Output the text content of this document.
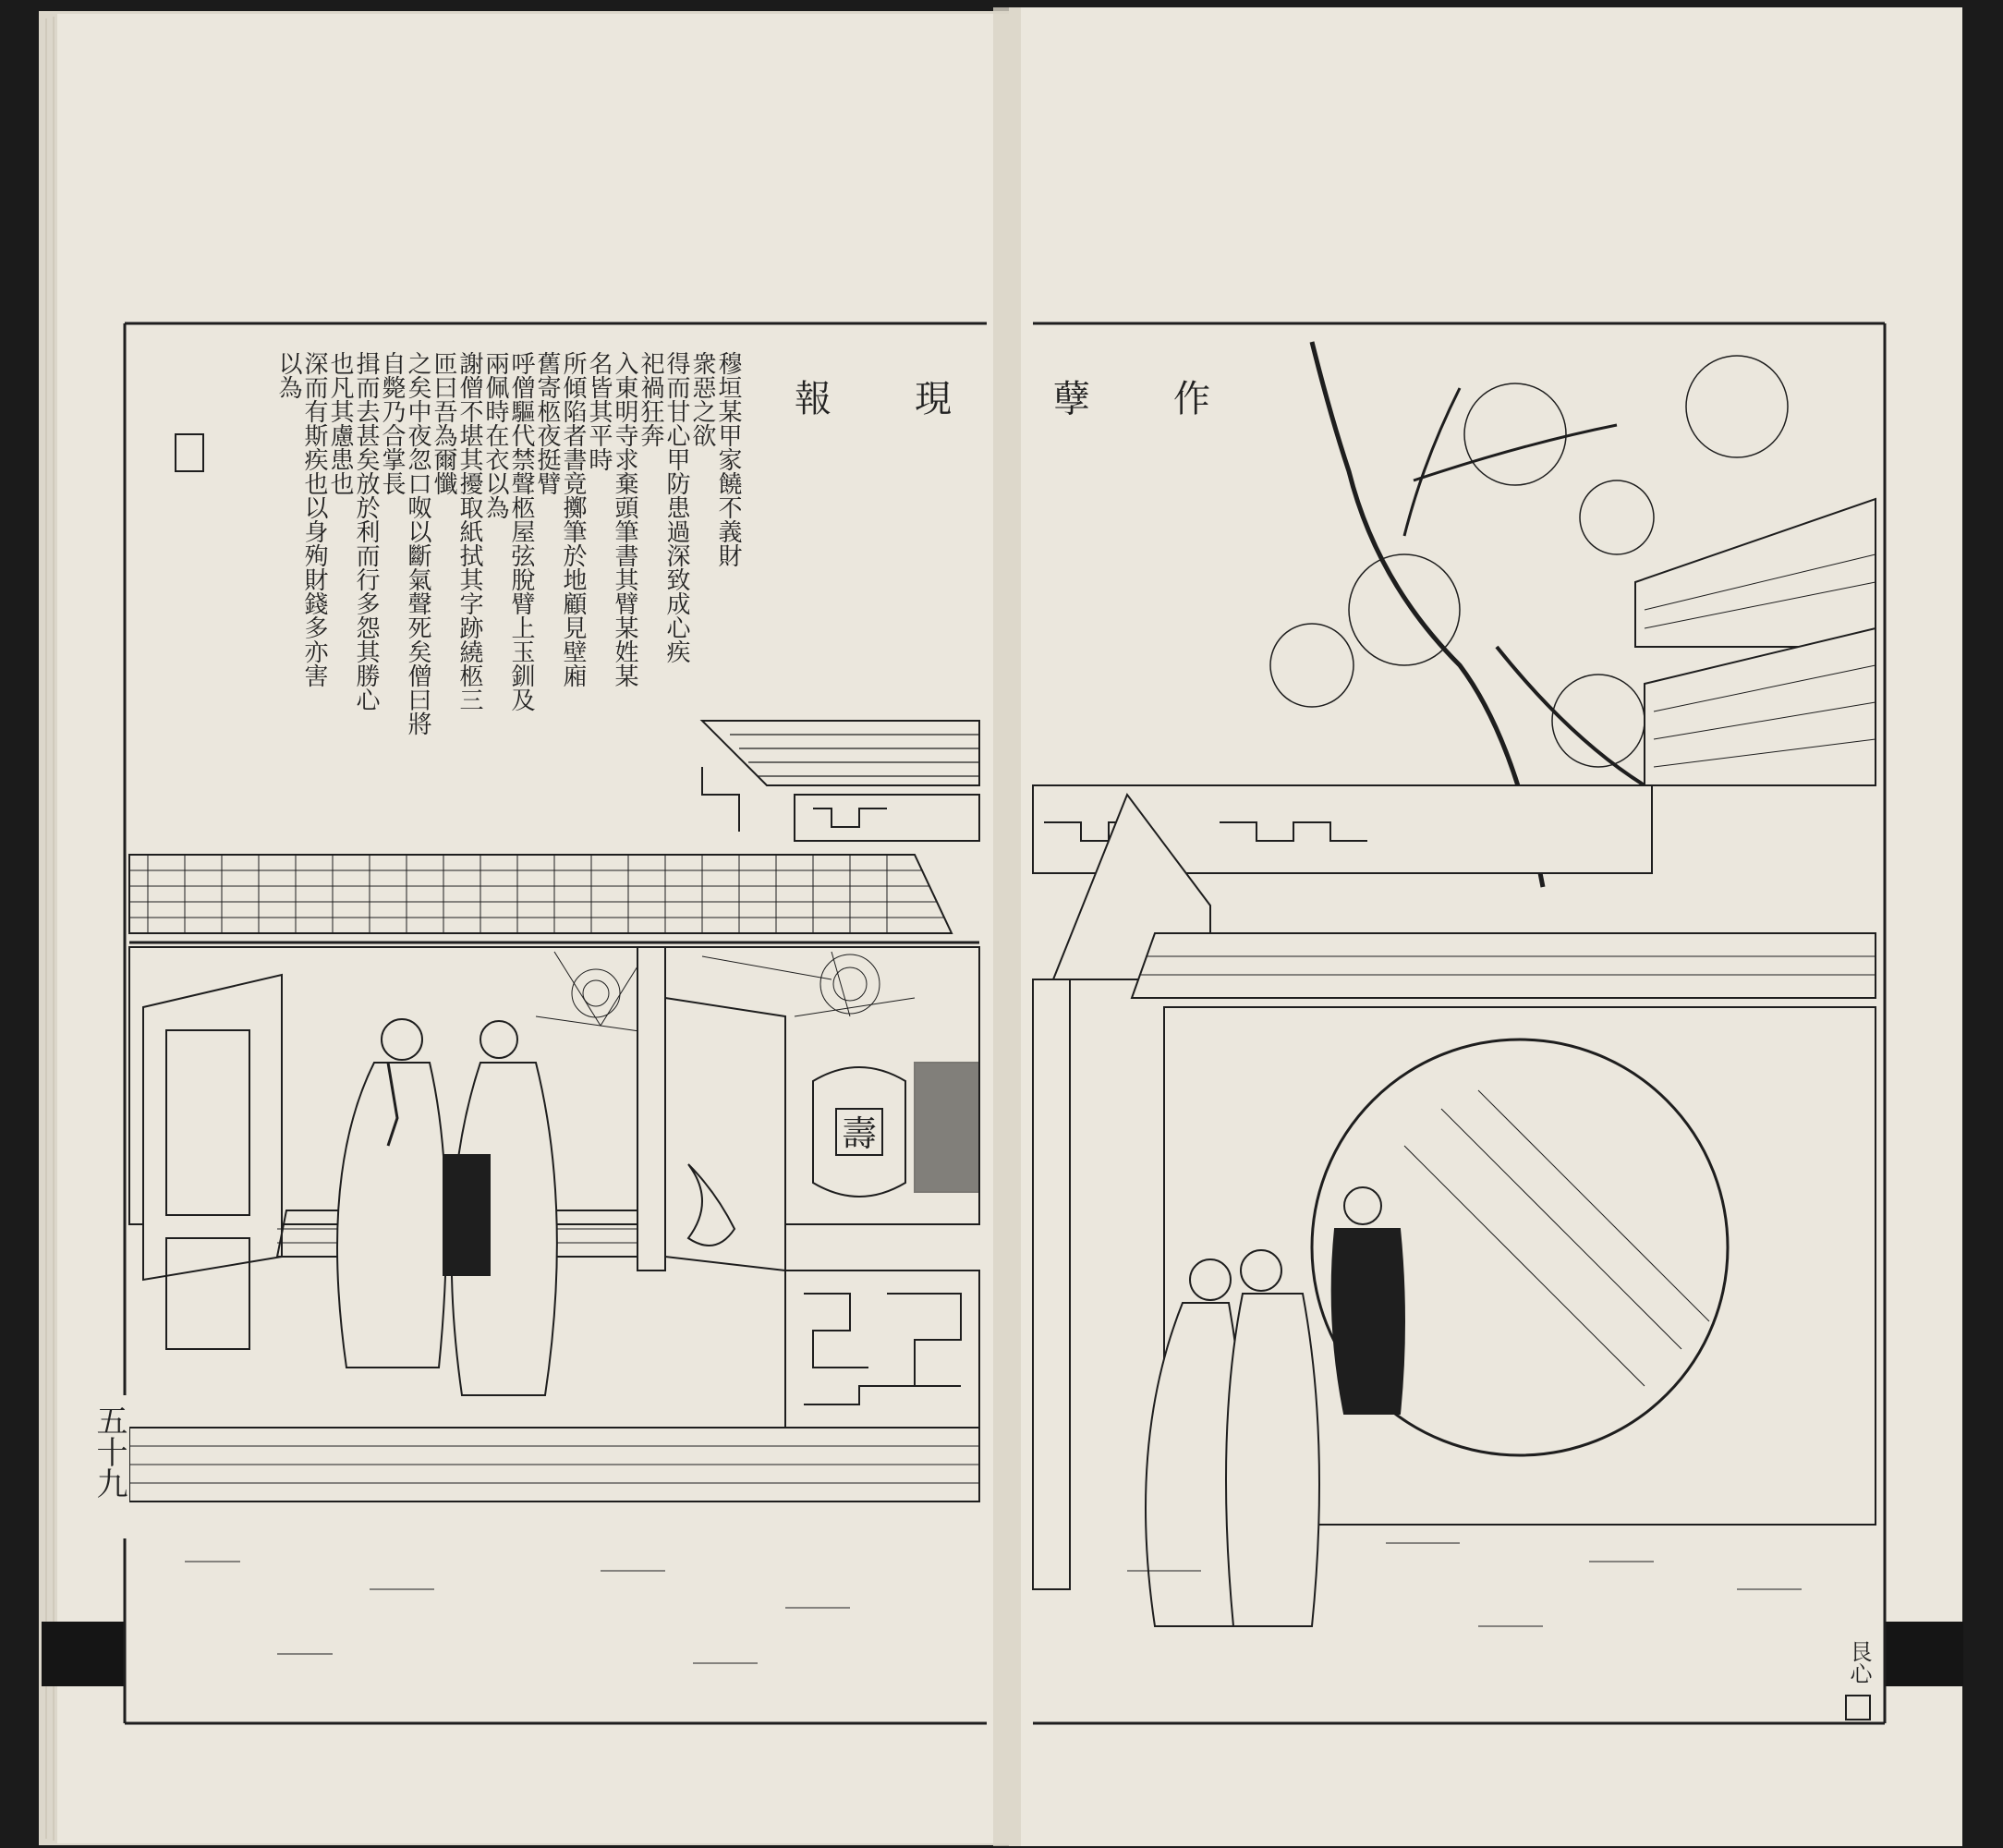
現
報
穆垣某甲家饒不義財
衆惡之欲
得而甘心甲防患過深致成心疾
祀禍狂奔
入東明寺求棄頭筆書其臂某姓某
名皆其平時
所傾陷者書竟擲筆於地顧見壁廂
舊寄柩夜挺臂
呼僧驅代禁聲柩屋弦脫臂上玉釧及
兩佩時在衣以為
謝僧不堪其擾取紙拭其字跡繞柩三
匝曰吾為爾懺
之矣中夜忽口呶以斷氣聲死矣僧曰將
自斃乃合掌長
揖而去甚矣放於利而行多怨其勝心
也凡其慮患也
深而有斯疾也以身殉財錢多亦害
以為
五十九
作
孽
壽
艮心
